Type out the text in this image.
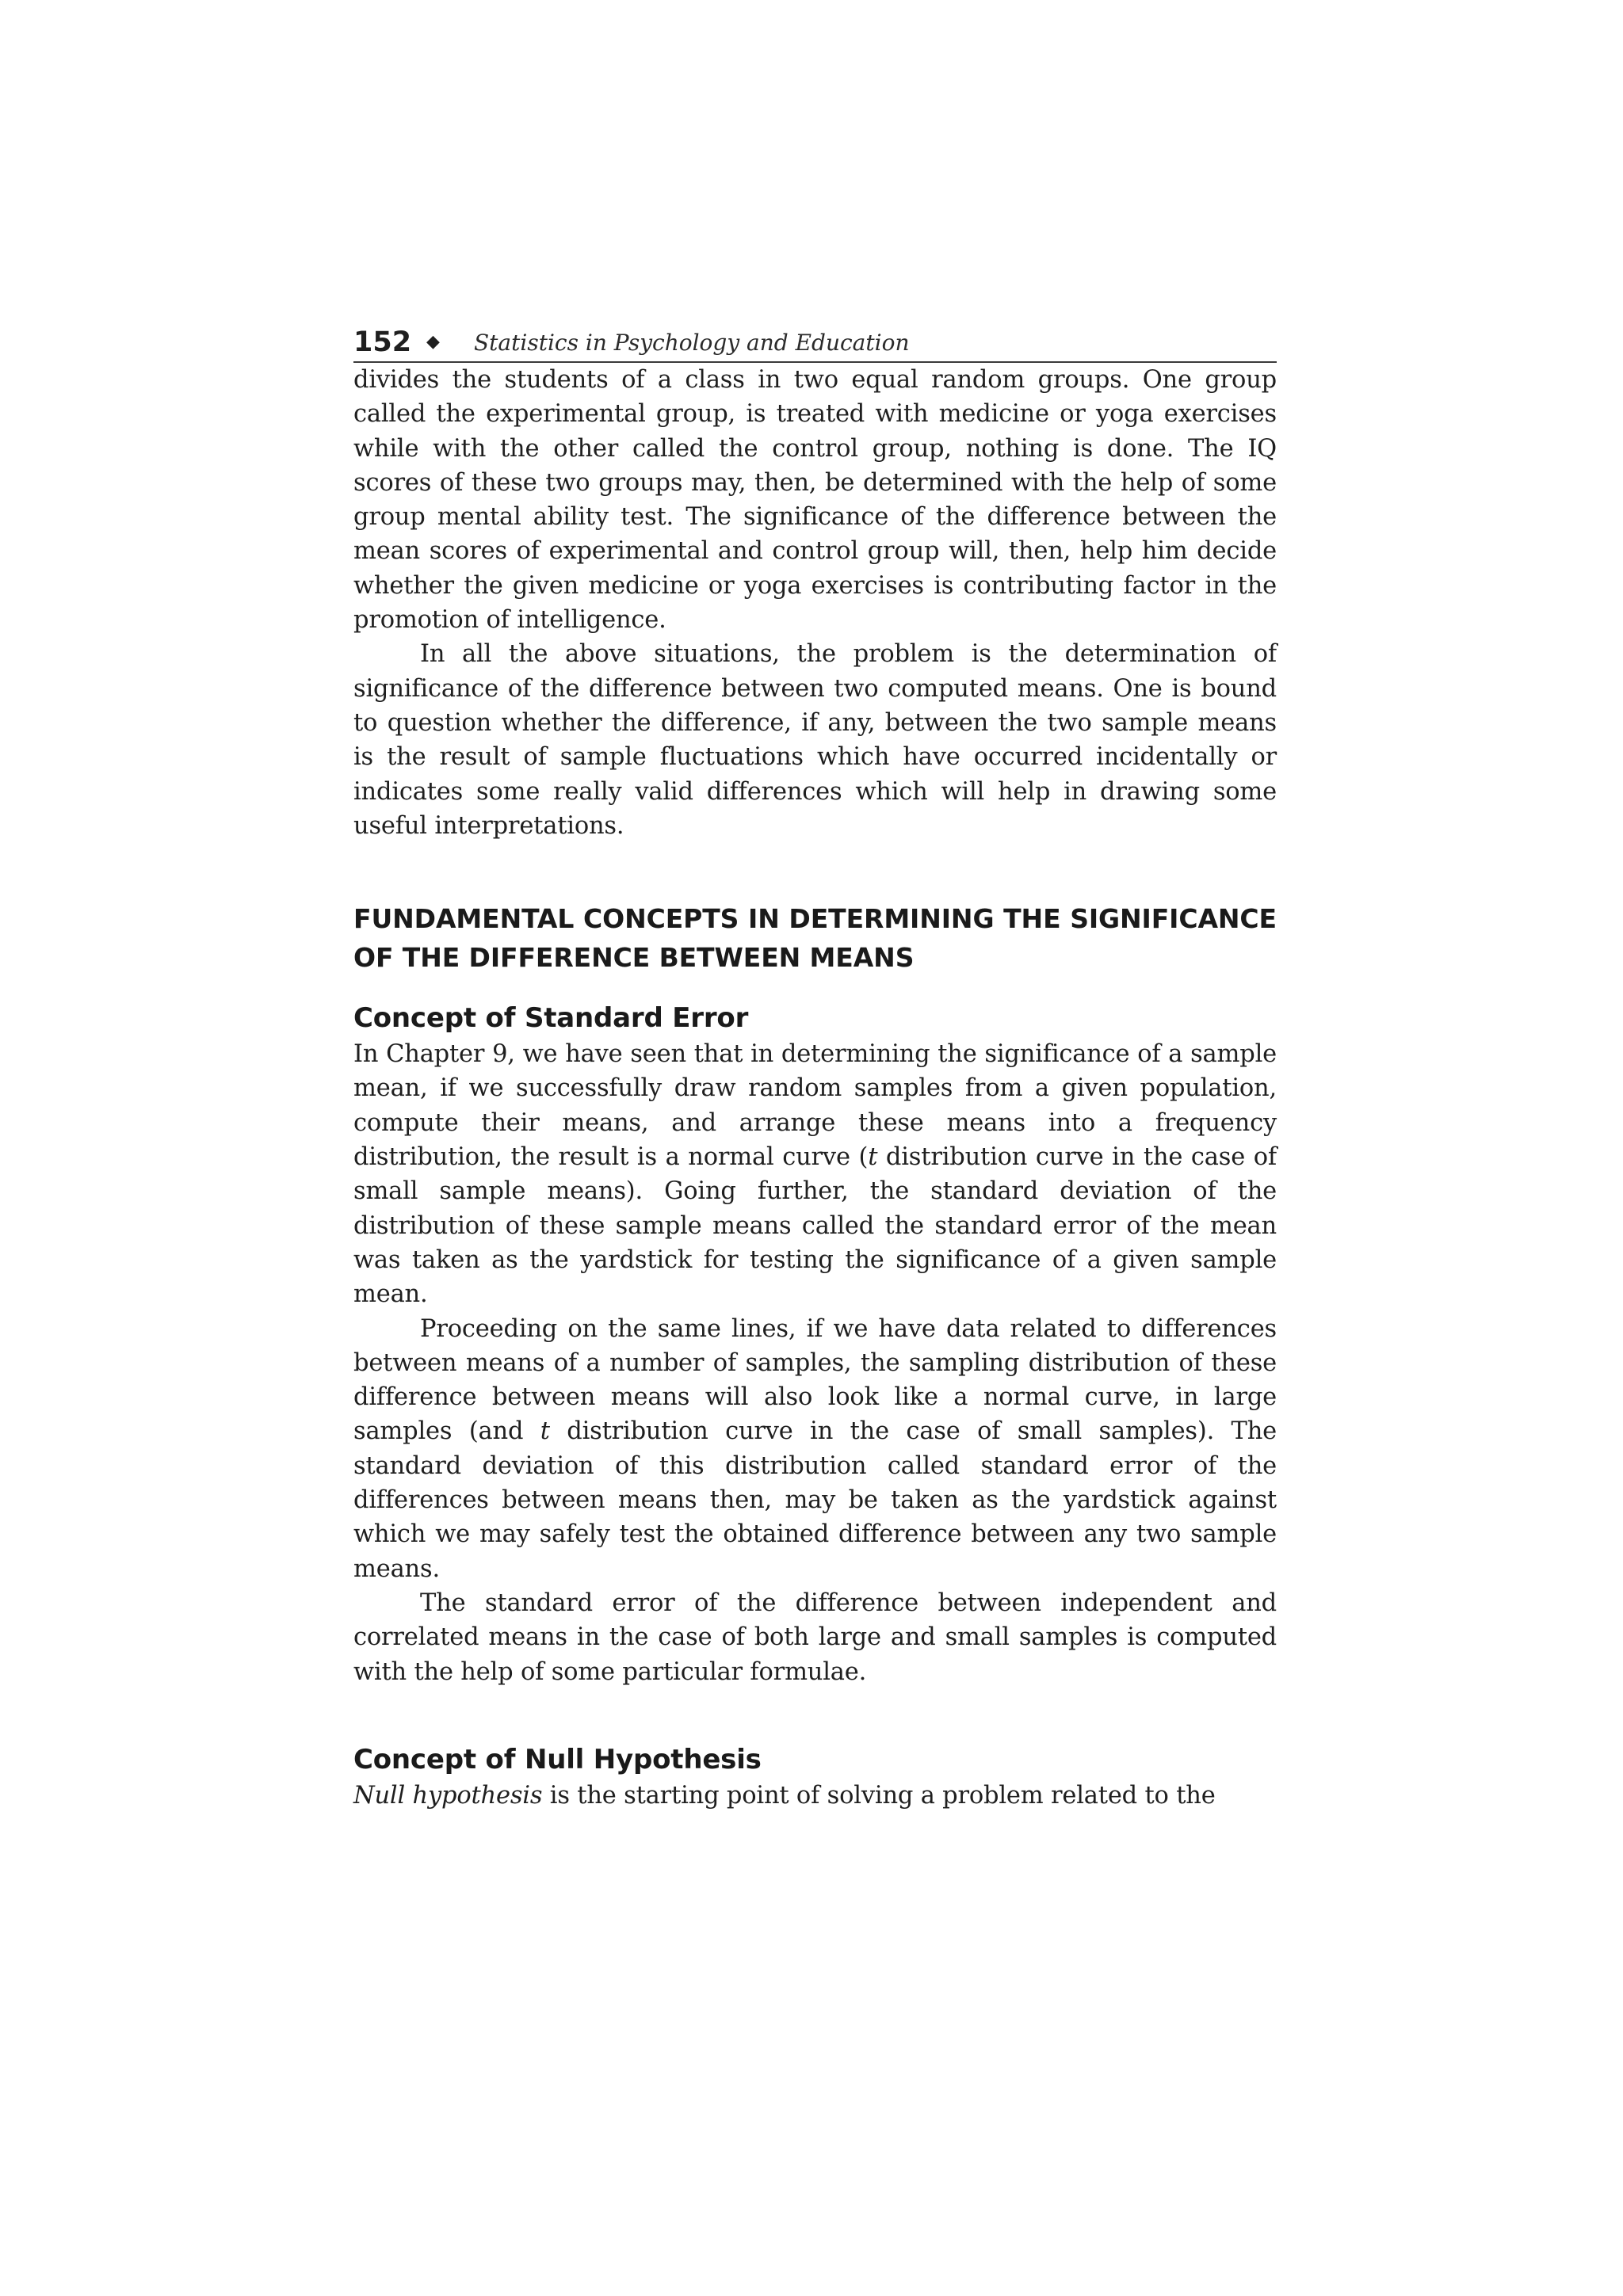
152 ◆ Statistics in Psychology and Education

divides the students of a class in two equal random groups. One group called the experimental group, is treated with medicine or yoga exercises while with the other called the control group, nothing is done. The IQ scores of these two groups may, then, be determined with the help of some group mental ability test. The significance of the difference between the mean scores of experimental and control group will, then, help him decide whether the given medicine or yoga exercises is contributing factor in the promotion of intelligence.

In all the above situations, the problem is the determination of significance of the difference between two computed means. One is bound to question whether the difference, if any, between the two sample means is the result of sample fluctuations which have occurred incidentally or indicates some really valid differences which will help in drawing some useful interpretations.

FUNDAMENTAL CONCEPTS IN DETERMINING THE SIGNIFICANCE OF THE DIFFERENCE BETWEEN MEANS
Concept of Standard Error

In Chapter 9, we have seen that in determining the significance of a sample mean, if we successfully draw random samples from a given population, compute their means, and arrange these means into a frequency distribution, the result is a normal curve (t distribution curve in the case of small sample means). Going further, the standard deviation of the distribution of these sample means called the standard error of the mean was taken as the yardstick for testing the significance of a given sample mean.

Proceeding on the same lines, if we have data related to differences between means of a number of samples, the sampling distribution of these difference between means will also look like a normal curve, in large samples (and t distribution curve in the case of small samples). The standard deviation of this distribution called standard error of the differences between means then, may be taken as the yardstick against which we may safely test the obtained difference between any two sample means.

The standard error of the difference between independent and correlated means in the case of both large and small samples is computed with the help of some particular formulae.

Concept of Null Hypothesis

Null hypothesis is the starting point of solving a problem related to the
